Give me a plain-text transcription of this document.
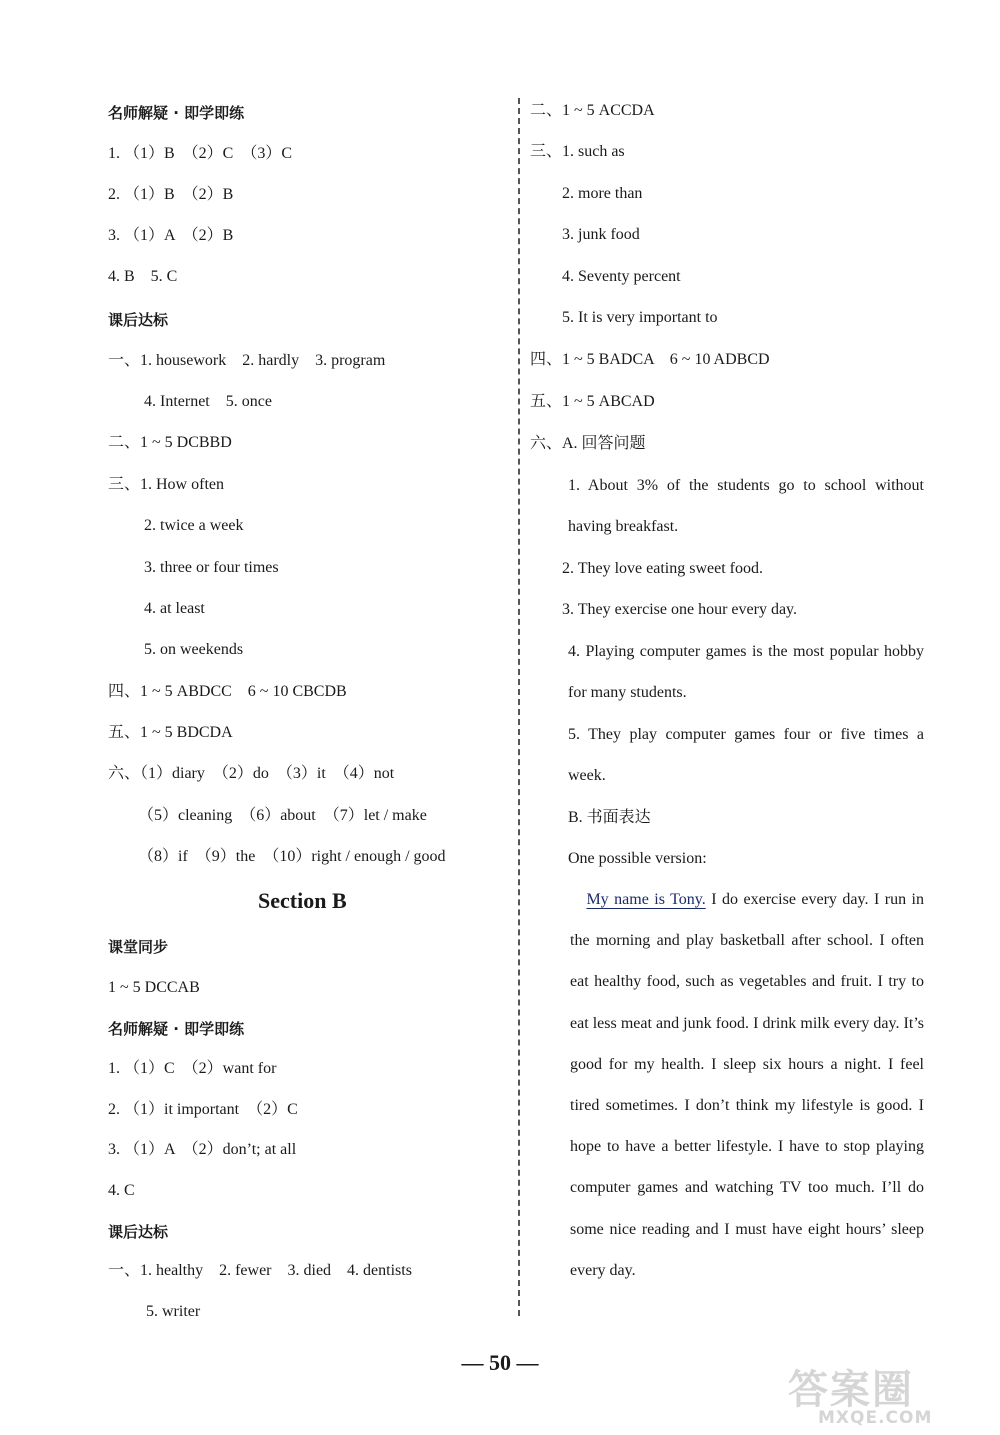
名师解疑 · 即学即练
1. （1）B　（2）C　（3）C
2. （1）B　（2）B
3. （1）A　（2）B
4. B　5. C
课后达标
一、1. housework　2. hardly　3. program
4. Internet　5. once
二、1 ~ 5 DCBBD
三、1. How often
2. twice a week
3. three or four times
4. at least
5. on weekends
四、1 ~ 5 ABDCC　6 ~ 10 CBCDB
五、1 ~ 5 BDCDA
六、（1）diary　（2）do　（3）it　（4）not
（5）cleaning　（6）about　（7）let / make
（8）if　（9）the　（10）right / enough / good
Section B
课堂同步
1 ~ 5 DCCAB
名师解疑 · 即学即练
1. （1）C　（2）want for
2. （1）it important　（2）C
3. （1）A　（2）don’t; at all
4. C
课后达标
一、1. healthy　2. fewer　3. died　4. dentists
5. writer
二、1 ~ 5 ACCDA
三、1. such as
2. more than
3. junk food
4. Seventy percent
5. It is very important to
四、1 ~ 5 BADCA　6 ~ 10 ADBCD
五、1 ~ 5 ABCAD
六、A. 回答问题
1. About 3% of the students go to school without having breakfast.
2. They love eating sweet food.
3. They exercise one hour every day.
4. Playing computer games is the most popular hobby for many students.
5. They play computer games four or five times a week.
B. 书面表达
One possible version:
My name is Tony. I do exercise every day. I run in the morning and play basketball after school. I often eat healthy food, such as vegetables and fruit. I try to eat less meat and junk food. I drink milk every day. It’s good for my health. I sleep six hours a night. I feel tired sometimes. I don’t think my lifestyle is good. I hope to have a better lifestyle. I have to stop playing computer games and watching TV too much. I’ll do some nice reading and I must have eight hours’ sleep every day.
— 50 —
答案圈
MXQE.COM
